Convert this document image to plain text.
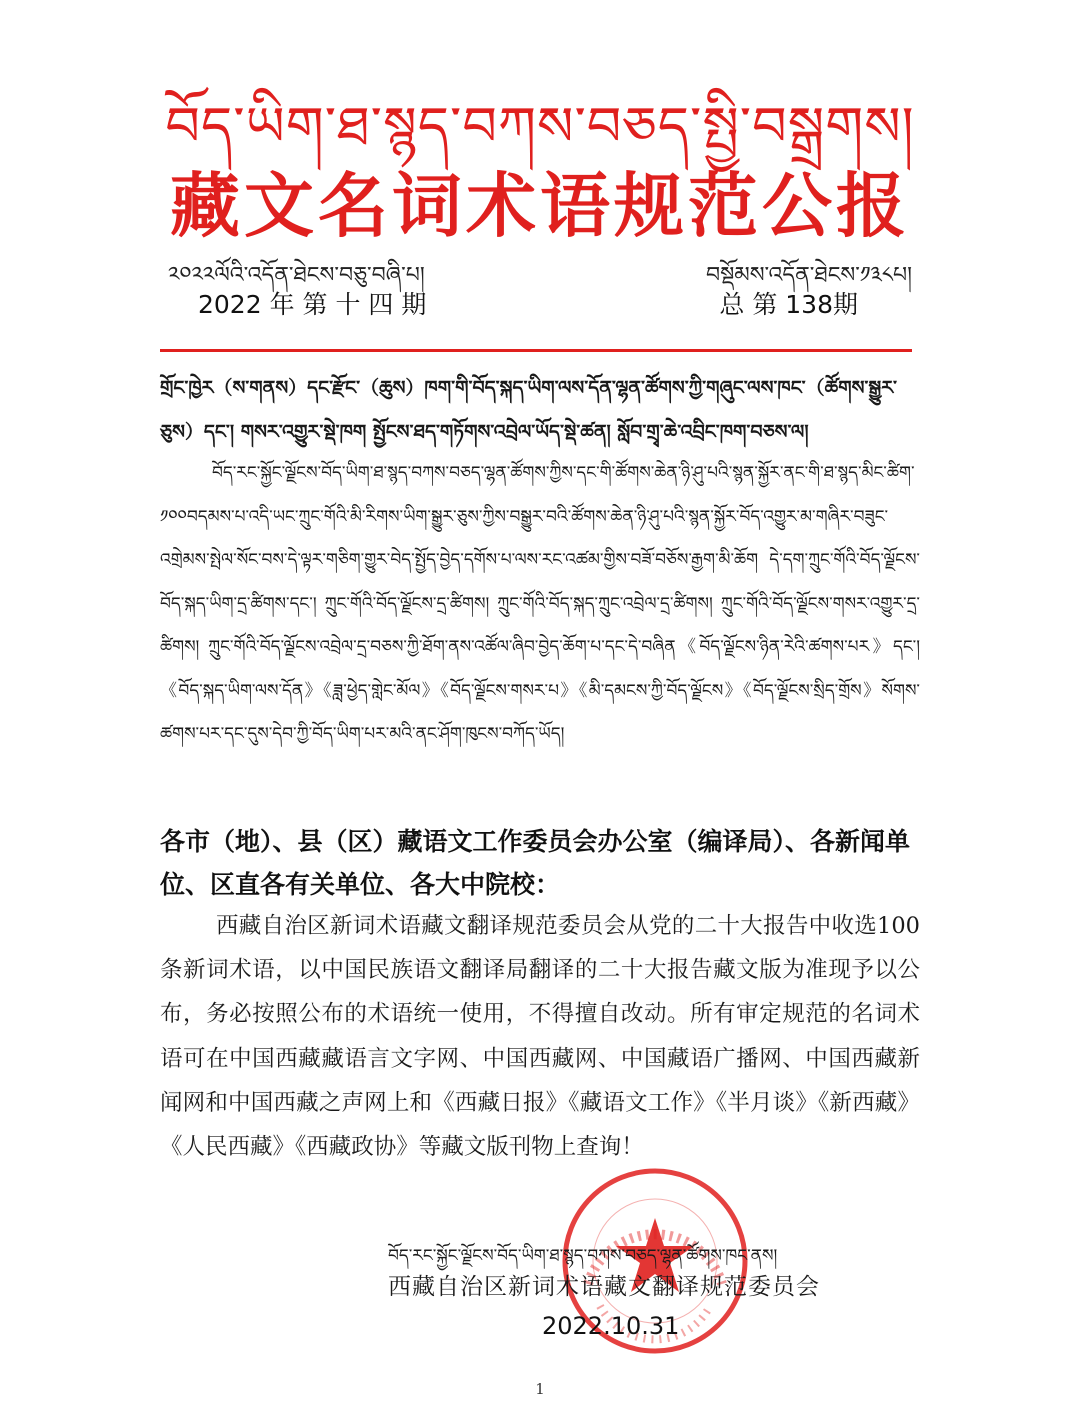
བོད་ཡིག་ཐ་སྙད་བཀས་བཅད་སྤྱི་བསྒྲགས།
藏文名词术语规范公报
༢༠༢༢ལོའི་འདོན་ཐེངས་བཅུ་བཞི་པ།	བསྡོམས་འདོན་ཐེངས་༡༣༨པ།
2022 年 第 十 四 期	总 第 138期
གྲོང་ཁྱེར（ས་གནས）དང་རྫོང་（ཆུས）ཁག་གི་བོད་སྐད་ཡིག་ལས་དོན་ལྷན་ཚོགས་ཀྱི་གཞུང་ལས་ཁང་（ཚོགས་སྒྱུར་ཅུས）དང་། གསར་འགྱུར་སྡེ་ཁག སྤྱོངས་ཐད་གཏོགས་འབྲེལ་ཡོད་སྡེ་ཚན། སློབ་གྲྭ་ཆེ་འབྲིང་ཁག་བཅས་ལ།
བོད་རང་སྐྱོང་ལྗོངས་བོད་ཡིག་ཐ་སྙད་བཀས་བཅད་ལྷན་ཚོགས་ཀྱིས་དང་གི་ཚོགས་ཆེན་ཉི་ཤུ་པའི་སྙན་སྐྱོར་ནང་གི་ཐ་སྙད་མིང་ཚིག་༡༠༠བདམས་པ་འདི་ཡང་ཀྲུང་གོའི་མི་རིགས་ཡིག་སྒྱུར་ཅུས་ཀྱིས་བསྒྱུར་བའི་ཚོགས་ཆེན་ཉི་ཤུ་པའི་སྙན་སྐྱོར་བོད་འགྱུར་མ་གཞིར་བཟུང་འགྲེམས་སྤེལ་སོང་བས་དེ་ལྟར་གཅིག་གྱུར་བེད་སྤྱོད་བྱེད་དགོས་པ་ལས་རང་འཚམ་གྱིས་བཟོ་བཅོས་རྒྱག་མི་ཆོག དེ་དག་ཀྲུང་གོའི་བོད་ལྗོངས་བོད་སྐད་ཡིག་དྲ་ཚིགས་དང་། ཀྲུང་གོའི་བོད་ལྗོངས་དྲ་ཚིགས། ཀྲུང་གོའི་བོད་སྐད་ཀྲུང་འབྲེལ་དྲ་ཚིགས། ཀྲུང་གོའི་བོད་ལྗོངས་གསར་འགྱུར་དྲ་ཚིགས། ཀྲུང་གོའི་བོད་ལྗོངས་འབྲེལ་དྲ་བཅས་ཀྱི་ཐོག་ནས་འཚོལ་ཞིབ་བྱེད་ཆོག་པ་དང་དེ་བཞིན《བོད་ལྗོངས་ཉིན་རེའི་ཚགས་པར》དང་།《བོད་སྐད་ཡིག་ལས་དོན》《ཟླ་ཕྱེད་གླེང་མོལ》《བོད་ལྗོངས་གསར་པ》《མི་དམངས་ཀྱི་བོད་ལྗོངས》《བོད་ལྗོངས་སྲིད་གྲོས》སོགས་ཚགས་པར་དང་དུས་དེབ་ཀྱི་བོད་ཡིག་པར་མའི་ནང་ཤོག་ཁུངས་བཀོད་ཡོད།
各市（地）、县（区）藏语文工作委员会办公室（编译局）、各新闻单位、区直各有关单位、各大中院校：
西藏自治区新词术语藏文翻译规范委员会从党的二十大报告中收选100条新词术语，以中国民族语文翻译局翻译的二十大报告藏文版为准现予以公布，务必按照公布的术语统一使用，不得擅自改动。所有审定规范的名词术语可在中国西藏藏语言文字网、中国西藏网、中国藏语广播网、中国西藏新闻网和中国西藏之声网上和《西藏日报》《藏语文工作》《半月谈》《新西藏》《人民西藏》《西藏政协》等藏文版刊物上查询！
བོད་རང་སྐྱོང་ལྗོངས་བོད་ཡིག་ཐ་སྙད་བཀས་བཅད་ལྷན་ཚོགས་ཁང་ནས།
西藏自治区新词术语藏文翻译规范委员会
2022.10.31
1
